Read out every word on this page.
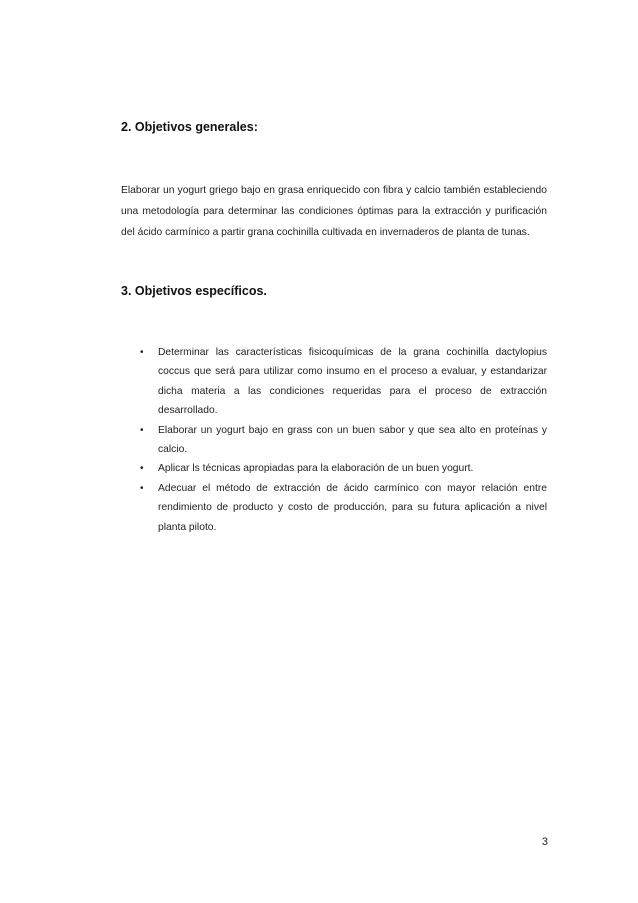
2. Objetivos generales:

Elaborar un yogurt griego bajo en grasa enriquecido con fibra y calcio también estableciendo una metodología para determinar las condiciones óptimas para la extracción y purificación del ácido carmínico a partir grana cochinilla cultivada en invernaderos de planta de tunas.

3. Objetivos específicos.
• Determinar las características fisicoquímicas de la grana cochinilla dactylopius coccus que será para utilizar como insumo en el proceso a evaluar, y estandarizar dicha materia a las condiciones requeridas para el proceso de extracción desarrollado.
• Elaborar un yogurt bajo en grass con un buen sabor y que sea alto en proteínas y calcio.
• Aplicar ls técnicas apropiadas para la elaboración de un buen yogurt.
• Adecuar el método de extracción de ácido carmínico con mayor relación entre rendimiento de producto y costo de producción, para su futura aplicación a nivel planta piloto.
3
